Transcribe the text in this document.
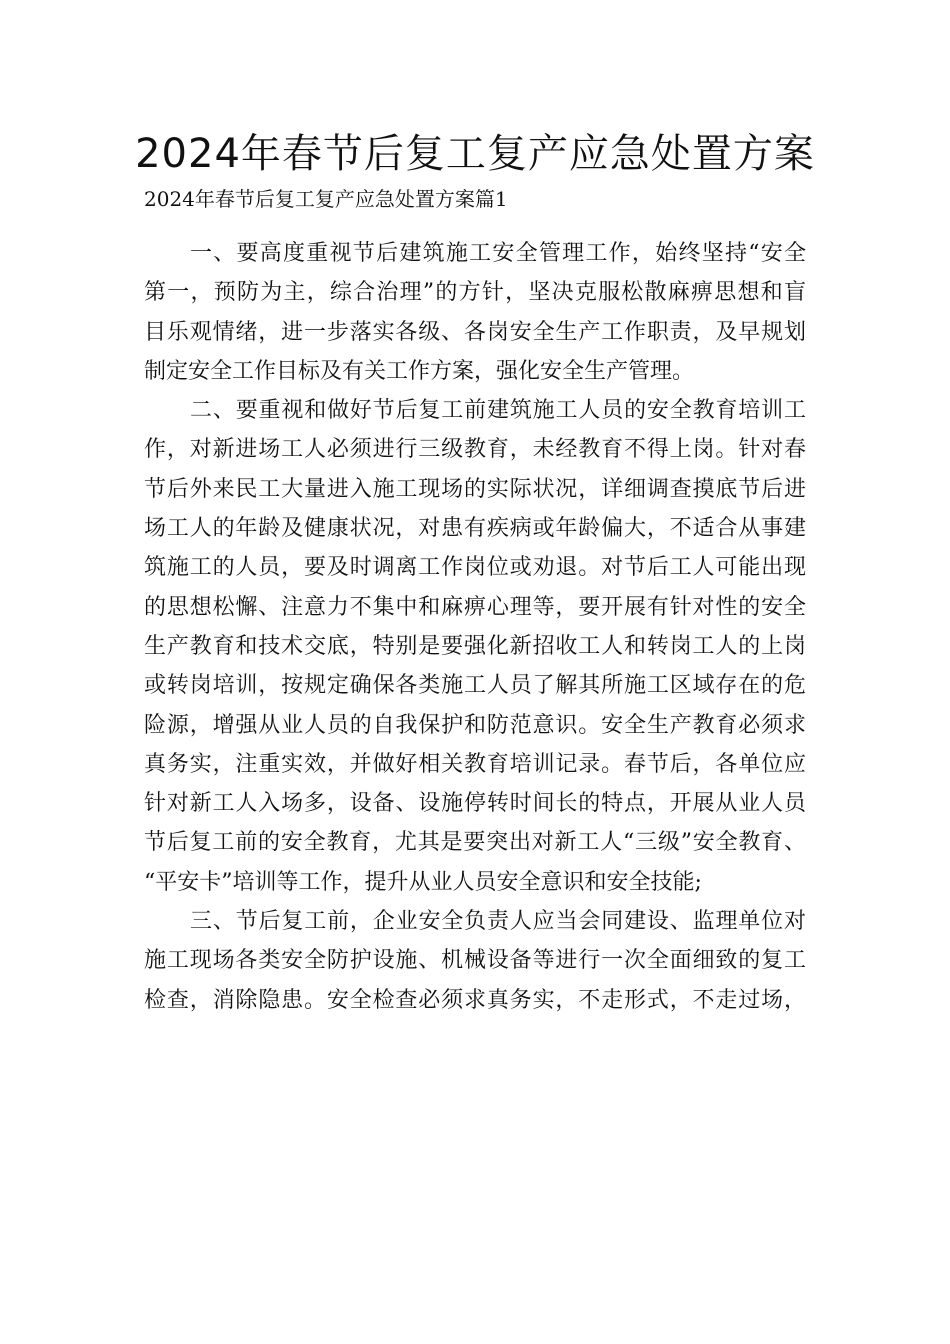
2024年春节后复工复产应急处置方案

2024年春节后复工复产应急处置方案篇1

一、要高度重视节后建筑施工安全管理工作，始终坚持“安全
第一，预防为主，综合治理”的方针，坚决克服松散麻痹思想和盲
目乐观情绪，进一步落实各级、各岗安全生产工作职责，及早规划
制定安全工作目标及有关工作方案，强化安全生产管理。

二、要重视和做好节后复工前建筑施工人员的安全教育培训工
作，对新进场工人必须进行三级教育，未经教育不得上岗。针对春
节后外来民工大量进入施工现场的实际状况，详细调查摸底节后进
场工人的年龄及健康状况，对患有疾病或年龄偏大，不适合从事建
筑施工的人员，要及时调离工作岗位或劝退。对节后工人可能出现
的思想松懈、注意力不集中和麻痹心理等，要开展有针对性的安全
生产教育和技术交底，特别是要强化新招收工人和转岗工人的上岗
或转岗培训，按规定确保各类施工人员了解其所施工区域存在的危
险源，增强从业人员的自我保护和防范意识。安全生产教育必须求
真务实，注重实效，并做好相关教育培训记录。春节后，各单位应
针对新工人入场多，设备、设施停转时间长的特点，开展从业人员
节后复工前的安全教育，尤其是要突出对新工人“三级”安全教育、
“平安卡”培训等工作，提升从业人员安全意识和安全技能;

三、节后复工前，企业安全负责人应当会同建设、监理单位对
施工现场各类安全防护设施、机械设备等进行一次全面细致的复工
检查，消除隐患。安全检查必须求真务实，不走形式，不走过场，
